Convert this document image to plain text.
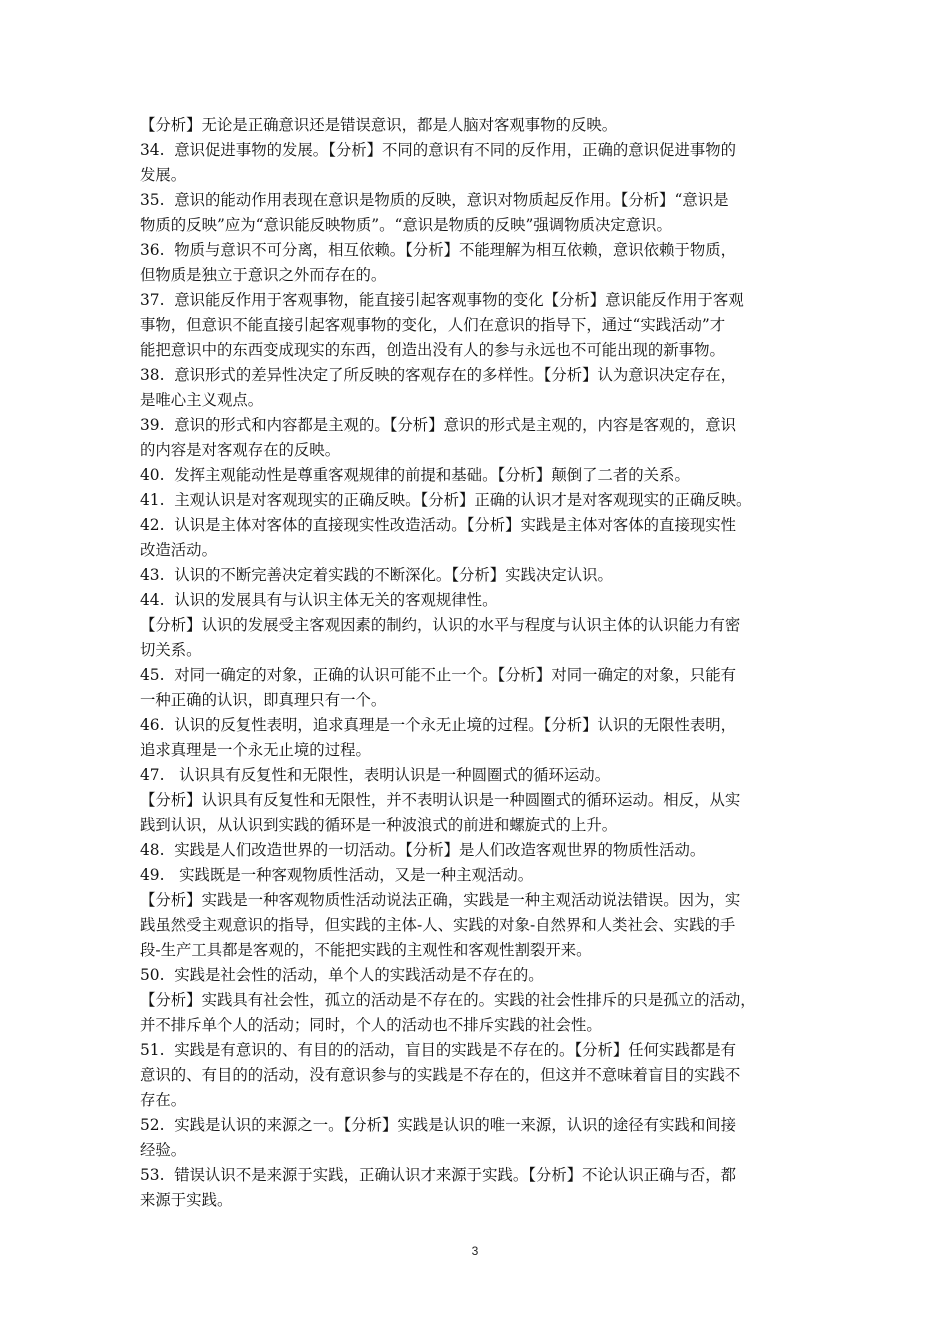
【分析】无论是正确意识还是错误意识，都是人脑对客观事物的反映。

34.  意识促进事物的发展。【分析】不同的意识有不同的反作用，正确的意识促进事物的
发展。

35.  意识的能动作用表现在意识是物质的反映，意识对物质起反作用。【分析】“意识是
物质的反映”应为“意识能反映物质”。“意识是物质的反映”强调物质决定意识。

36.  物质与意识不可分离，相互依赖。【分析】不能理解为相互依赖，意识依赖于物质，
但物质是独立于意识之外而存在的。

37.  意识能反作用于客观事物，能直接引起客观事物的变化【分析】意识能反作用于客观
事物，但意识不能直接引起客观事物的变化，人们在意识的指导下，通过“实践活动”才
能把意识中的东西变成现实的东西，创造出没有人的参与永远也不可能出现的新事物。

38.  意识形式的差异性决定了所反映的客观存在的多样性。【分析】认为意识决定存在，
是唯心主义观点。

39.  意识的形式和内容都是主观的。【分析】意识的形式是主观的，内容是客观的，意识
的内容是对客观存在的反映。

40.  发挥主观能动性是尊重客观规律的前提和基础。【分析】颠倒了二者的关系。

41.  主观认识是对客观现实的正确反映。【分析】正确的认识才是对客观现实的正确反映。

42.  认识是主体对客体的直接现实性改造活动。【分析】实践是主体对客体的直接现实性
改造活动。

43.  认识的不断完善决定着实践的不断深化。【分析】实践决定认识。

44.  认识的发展具有与认识主体无关的客观规律性。

【分析】认识的发展受主客观因素的制约，认识的水平与程度与认识主体的认识能力有密
切关系。

45.  对同一确定的对象，正确的认识可能不止一个。【分析】对同一确定的对象，只能有
一种正确的认识，即真理只有一个。

46.  认识的反复性表明，追求真理是一个永无止境的过程。【分析】认识的无限性表明，
追求真理是一个永无止境的过程。

47.   认识具有反复性和无限性，表明认识是一种圆圈式的循环运动。

【分析】认识具有反复性和无限性，并不表明认识是一种圆圈式的循环运动。相反，从实
践到认识，从认识到实践的循环是一种波浪式的前进和螺旋式的上升。

48.  实践是人们改造世界的一切活动。【分析】是人们改造客观世界的物质性活动。

49.   实践既是一种客观物质性活动，又是一种主观活动。

【分析】实践是一种客观物质性活动说法正确，实践是一种主观活动说法错误。因为，实
践虽然受主观意识的指导，但实践的主体-人、实践的对象-自然界和人类社会、实践的手
段-生产工具都是客观的，不能把实践的主观性和客观性割裂开来。

50.  实践是社会性的活动，单个人的实践活动是不存在的。

【分析】实践具有社会性，孤立的活动是不存在的。实践的社会性排斥的只是孤立的活动，
并不排斥单个人的活动；同时，个人的活动也不排斥实践的社会性。

51.  实践是有意识的、有目的的活动，盲目的实践是不存在的。【分析】任何实践都是有
意识的、有目的的活动，没有意识参与的实践是不存在的，但这并不意味着盲目的实践不
存在。

52.  实践是认识的来源之一。【分析】实践是认识的唯一来源，认识的途径有实践和间接
经验。

53.  错误认识不是来源于实践，正确认识才来源于实践。【分析】不论认识正确与否，都
来源于实践。

3
